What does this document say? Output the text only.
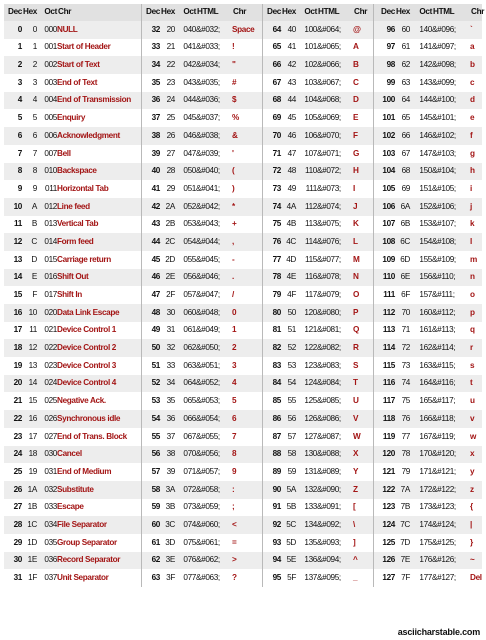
Dec	Hex	Oct	Chr	Dec	Hex	Oct	HTML	Chr	Dec	Hex	Oct	HTML	Chr	Dec	Hex	Oct	HTML	Chr
0	0	000	NULL	32	20	040	&#032;	Space	64	40	100	&#064;	@	96	60	140	&#096;	`
1	1	001	Start of Header	33	21	041	&#033;	!	65	41	101	&#065;	A	97	61	141	&#097;	a
2	2	002	Start of Text	34	22	042	&#034;	"	66	42	102	&#066;	B	98	62	142	&#098;	b
3	3	003	End of Text	35	23	043	&#035;	#	67	43	103	&#067;	C	99	63	143	&#099;	c
4	4	004	End of Transmission	36	24	044	&#036;	$	68	44	104	&#068;	D	100	64	144	&#100;	d
5	5	005	Enquiry	37	25	045	&#037;	%	69	45	105	&#069;	E	101	65	145	&#101;	e
6	6	006	Acknowledgment	38	26	046	&#038;	&	70	46	106	&#070;	F	102	66	146	&#102;	f
7	7	007	Bell	39	27	047	&#039;	'	71	47	107	&#071;	G	103	67	147	&#103;	g
8	8	010	Backspace	40	28	050	&#040;	(	72	48	110	&#072;	H	104	68	150	&#104;	h
9	9	011	Horizontal Tab	41	29	051	&#041;	)	73	49	111	&#073;	I	105	69	151	&#105;	i
10	A	012	Line feed	42	2A	052	&#042;	*	74	4A	112	&#074;	J	106	6A	152	&#106;	j
11	B	013	Vertical Tab	43	2B	053	&#043;	+	75	4B	113	&#075;	K	107	6B	153	&#107;	k
12	C	014	Form feed	44	2C	054	&#044;	,	76	4C	114	&#076;	L	108	6C	154	&#108;	l
13	D	015	Carriage return	45	2D	055	&#045;	-	77	4D	115	&#077;	M	109	6D	155	&#109;	m
14	E	016	Shift Out	46	2E	056	&#046;	.	78	4E	116	&#078;	N	110	6E	156	&#110;	n
15	F	017	Shift In	47	2F	057	&#047;	/	79	4F	117	&#079;	O	111	6F	157	&#111;	o
16	10	020	Data Link Escape	48	30	060	&#048;	0	80	50	120	&#080;	P	112	70	160	&#112;	p
17	11	021	Device Control 1	49	31	061	&#049;	1	81	51	121	&#081;	Q	113	71	161	&#113;	q
18	12	022	Device Control 2	50	32	062	&#050;	2	82	52	122	&#082;	R	114	72	162	&#114;	r
19	13	023	Device Control 3	51	33	063	&#051;	3	83	53	123	&#083;	S	115	73	163	&#115;	s
20	14	024	Device Control 4	52	34	064	&#052;	4	84	54	124	&#084;	T	116	74	164	&#116;	t
21	15	025	Negative Ack.	53	35	065	&#053;	5	85	55	125	&#085;	U	117	75	165	&#117;	u
22	16	026	Synchronous idle	54	36	066	&#054;	6	86	56	126	&#086;	V	118	76	166	&#118;	v
23	17	027	End of Trans. Block	55	37	067	&#055;	7	87	57	127	&#087;	W	119	77	167	&#119;	w
24	18	030	Cancel	56	38	070	&#056;	8	88	58	130	&#088;	X	120	78	170	&#120;	x
25	19	031	End of Medium	57	39	071	&#057;	9	89	59	131	&#089;	Y	121	79	171	&#121;	y
26	1A	032	Substitute	58	3A	072	&#058;	:	90	5A	132	&#090;	Z	122	7A	172	&#122;	z
27	1B	033	Escape	59	3B	073	&#059;	;	91	5B	133	&#091;	[	123	7B	173	&#123;	{
28	1C	034	File Separator	60	3C	074	&#060;	<	92	5C	134	&#092;	\	124	7C	174	&#124;	|
29	1D	035	Group Separator	61	3D	075	&#061;	=	93	5D	135	&#093;	]	125	7D	175	&#125;	}
30	1E	036	Record Separator	62	3E	076	&#062;	>	94	5E	136	&#094;	^	126	7E	176	&#126;	~
31	1F	037	Unit Separator	63	3F	077	&#063;	?	95	5F	137	&#095;	_	127	7F	177	&#127;	Del
asciicharstable.com
